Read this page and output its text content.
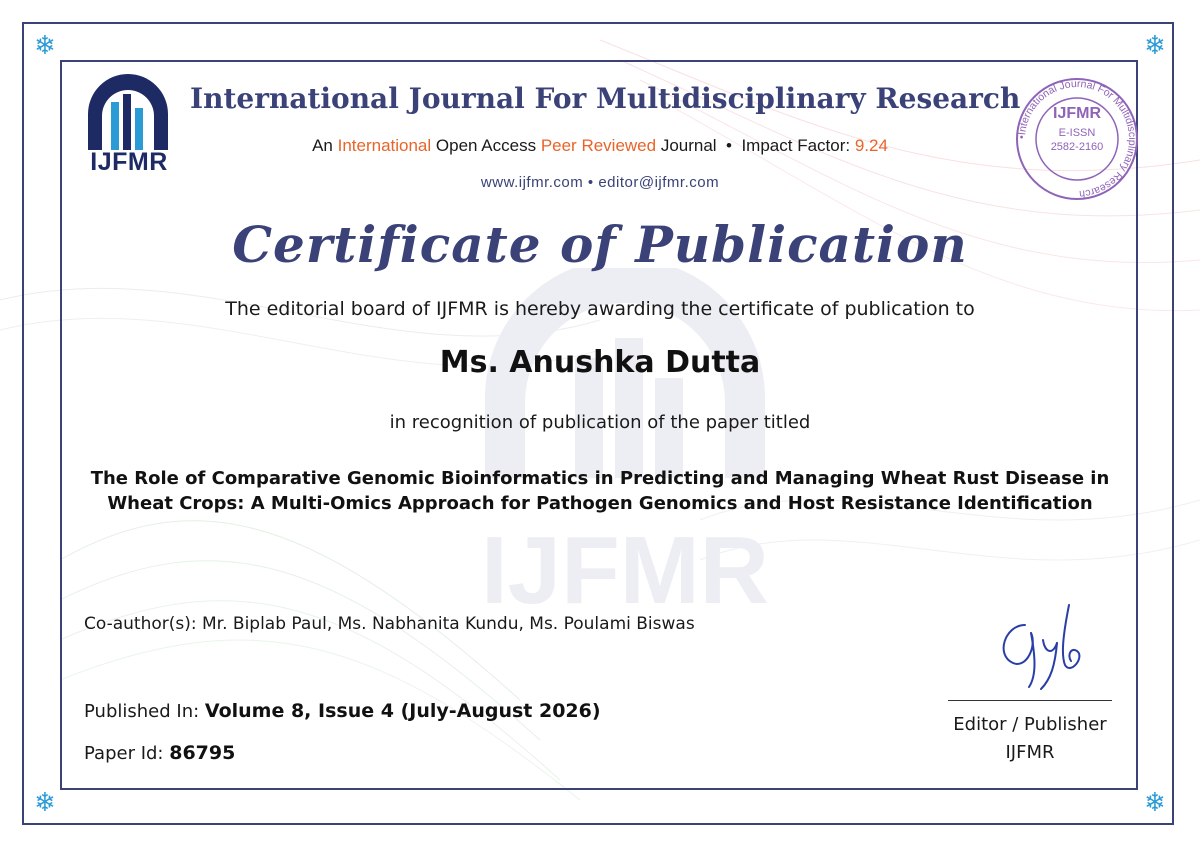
IJFMR
❄	❄
❄	❄
IJFMR
International Journal For Multidisciplinary Research
An International Open Access Peer Reviewed Journal • Impact Factor: 9.24
www.ijfmr.com • editor@ijfmr.com
•International Journal For Multidisciplinary Research
IJFMR
E-ISSN
2582-2160
Certificate of Publication
The editorial board of IJFMR is hereby awarding the certificate of publication to
Ms. Anushka Dutta
in recognition of publication of the paper titled
The Role of Comparative Genomic Bioinformatics in Predicting and Managing Wheat Rust Disease in Wheat Crops: A Multi-Omics Approach for Pathogen Genomics and Host Resistance Identification
Co-author(s): Mr. Biplab Paul, Ms. Nabhanita Kundu, Ms. Poulami Biswas
Published In: Volume 8, Issue 4 (July-August 2026)
Paper Id: 86795
Editor / Publisher
IJFMR
